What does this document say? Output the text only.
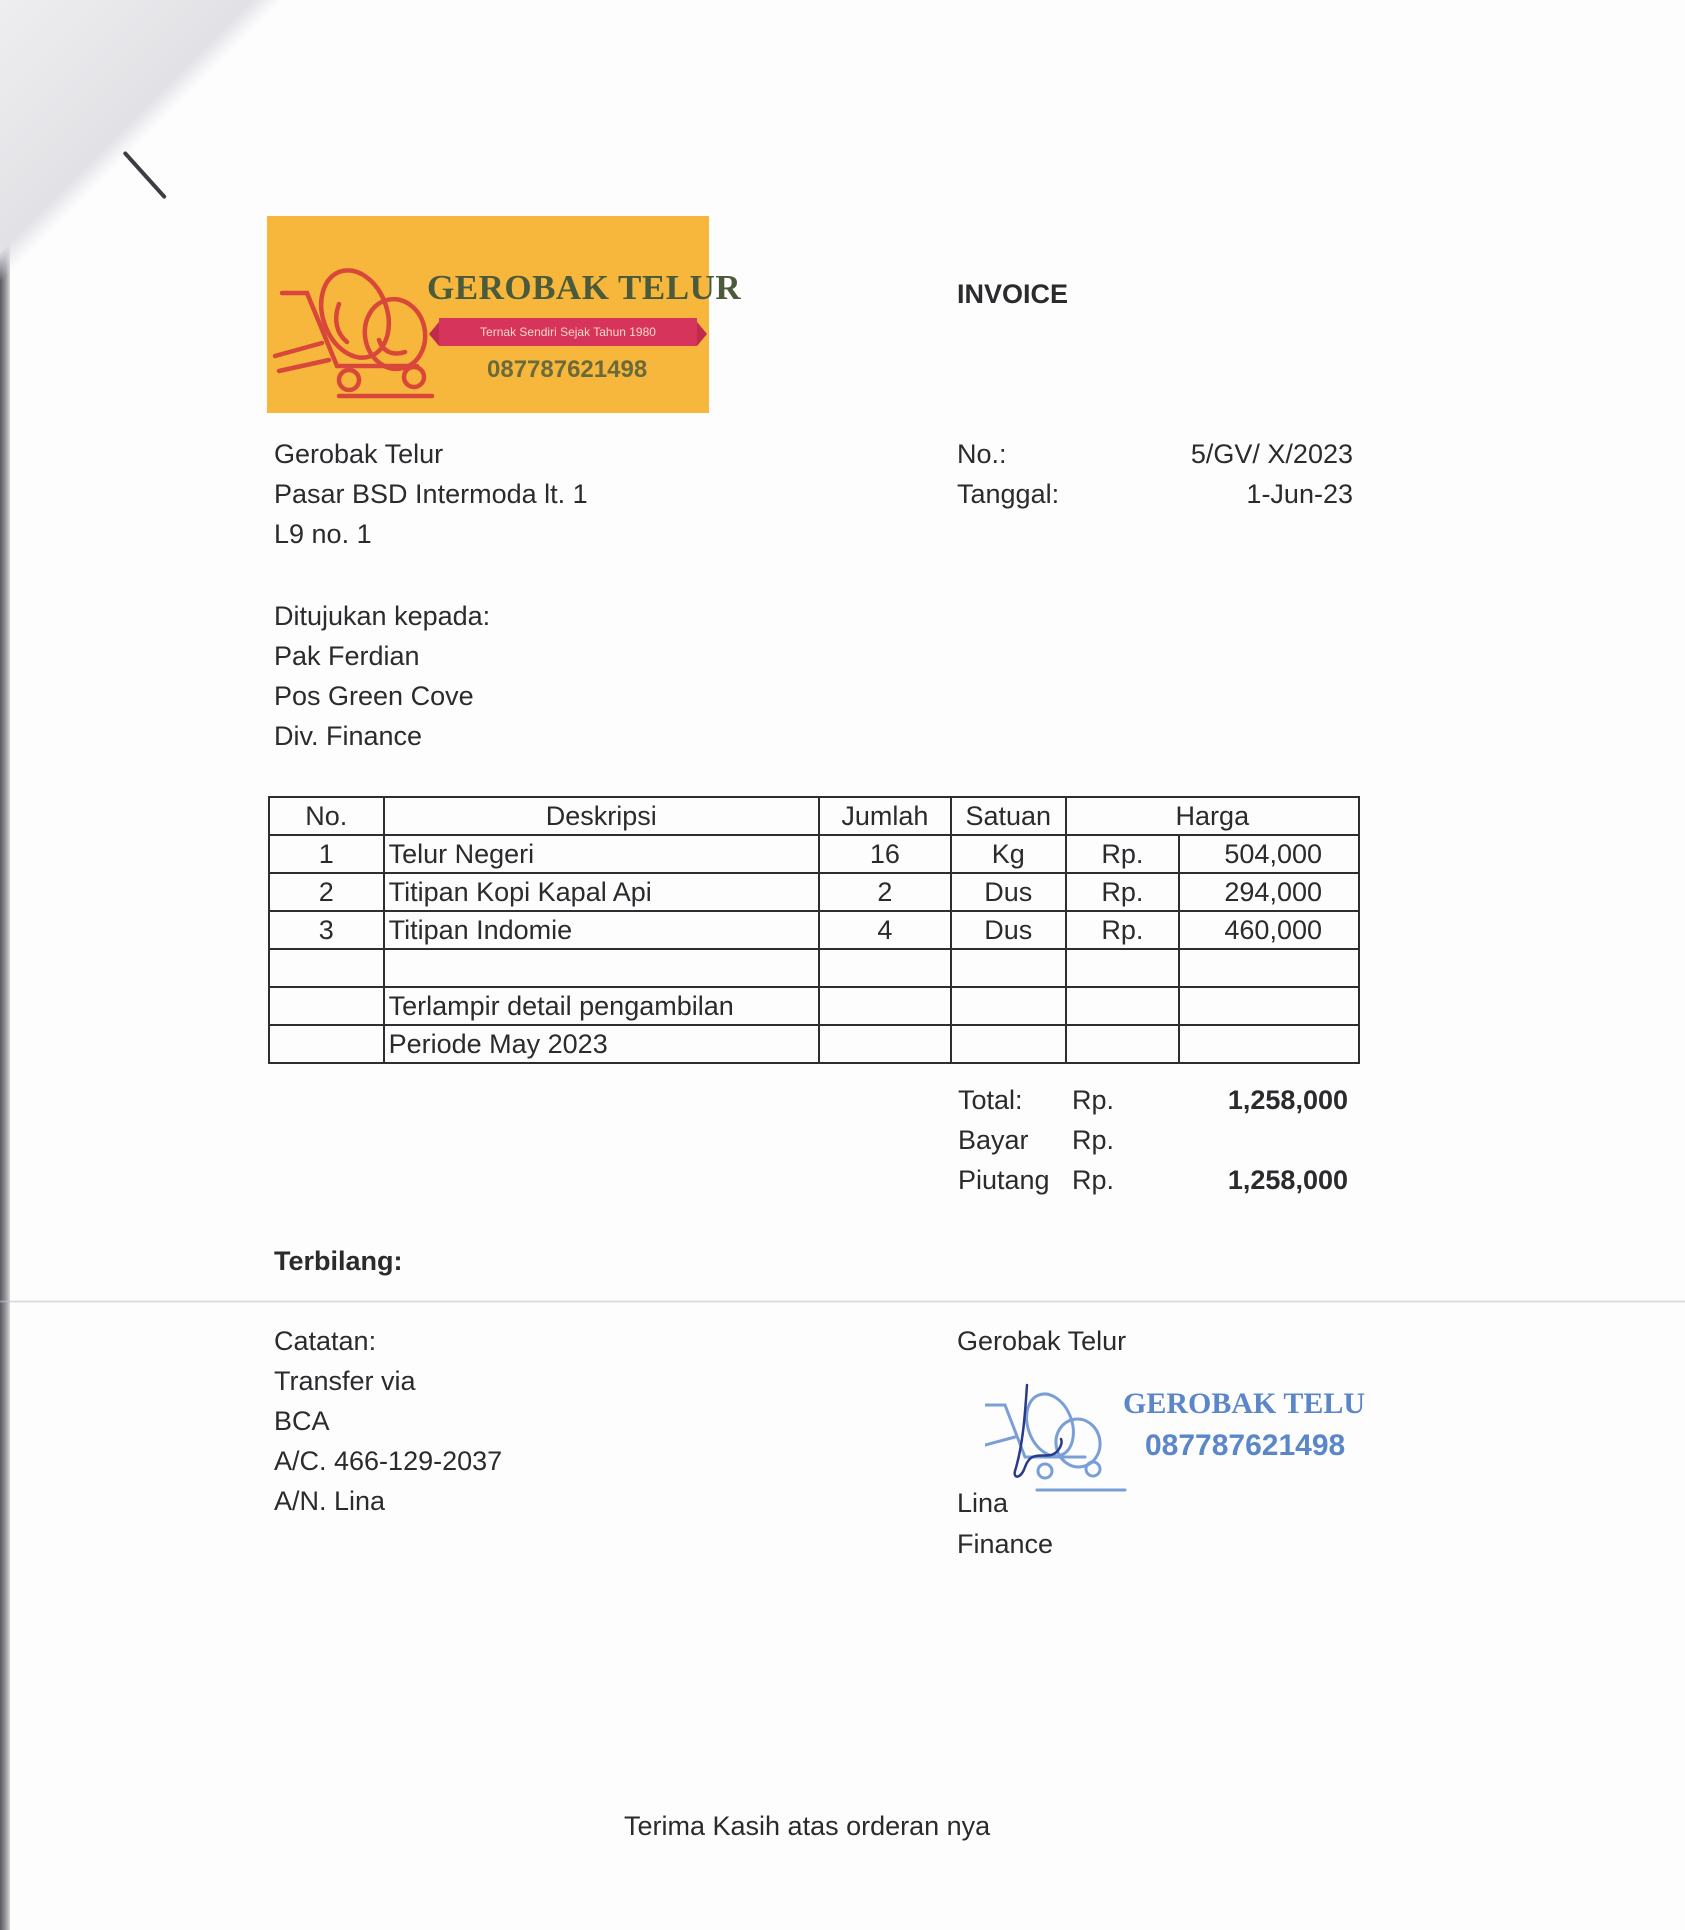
GEROBAK TELUR
Ternak Sendiri Sejak Tahun 1980
087787621498
INVOICE
No.:	5/GV/ X/2023
Tanggal:	1-Jun-23
Gerobak Telur
Pasar BSD Intermoda lt. 1
L9 no. 1
Ditujukan kepada:
Pak Ferdian
Pos Green Cove
Div. Finance
No.	Deskripsi	Jumlah	Satuan	Harga	
1	Telur Negeri	16	Kg	Rp.	504,000
2	Titipan Kopi Kapal Api	2	Dus	Rp.	294,000
3	Titipan Indomie	4	Dus	Rp.	460,000

	Terlampir detail pengambilan				
	Periode May 2023				
Total: Rp.	1,258,000
Bayar Rp.
Piutang Rp.	1,258,000
Terbilang:
Catatan:
Transfer via
BCA
A/C. 466-129-2037
A/N. Lina
Gerobak Telur
GEROBAK TELU
087787621498
Lina
Finance
Terima Kasih atas orderan nya
